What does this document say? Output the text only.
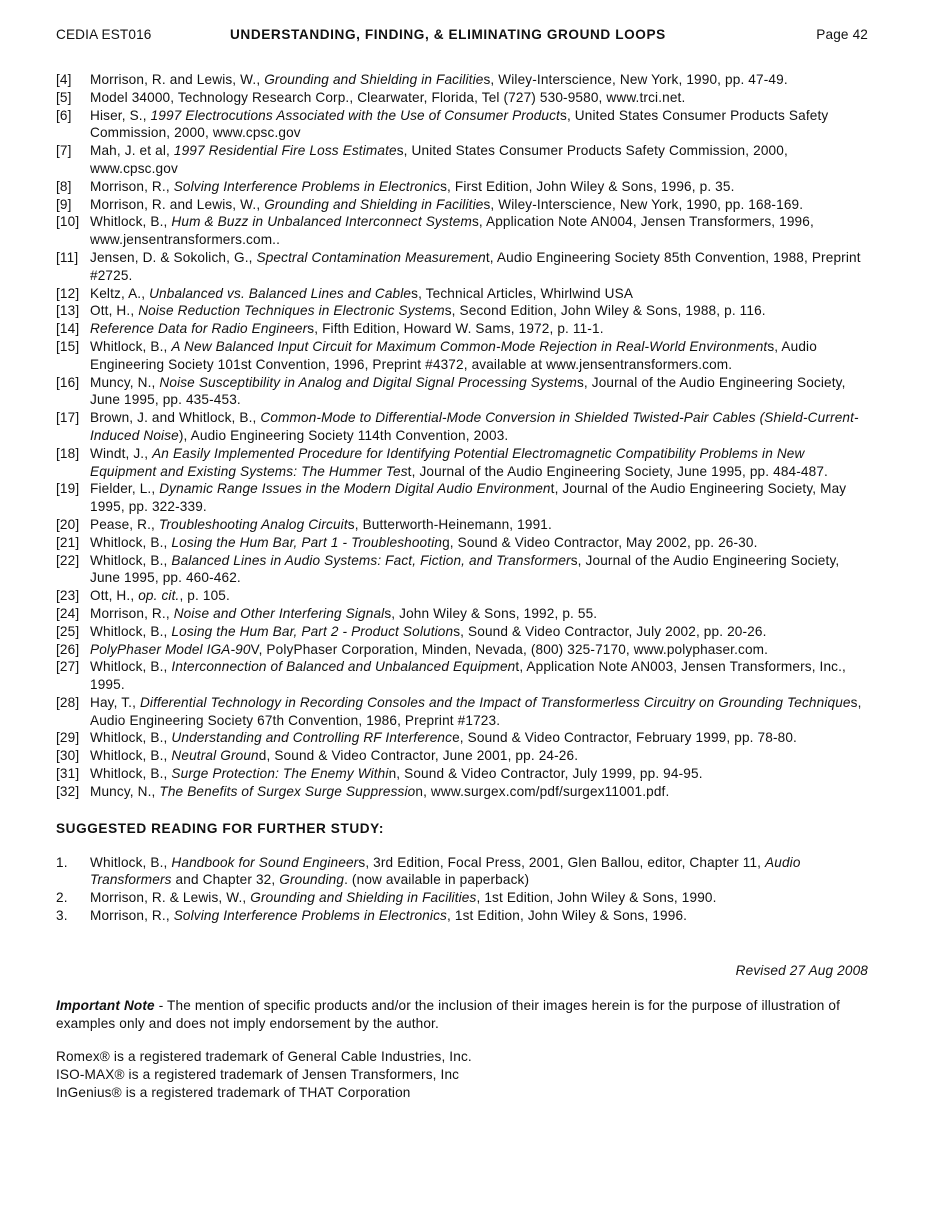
CEDIA EST016	UNDERSTANDING, FINDING, & ELIMINATING GROUND LOOPS	Page 42
[4]	Morrison, R. and Lewis, W., Grounding and Shielding in Facilities, Wiley-Interscience, New York, 1990, pp. 47-49.
[5]	Model 34000, Technology Research Corp., Clearwater, Florida, Tel (727) 530-9580, www.trci.net.
[6]	Hiser, S., 1997 Electrocutions Associated with the Use of Consumer Products, United States Consumer Products Safety Commission, 2000, www.cpsc.gov
[7]	Mah, J. et al, 1997 Residential Fire Loss Estimates, United States Consumer Products Safety Commission, 2000, www.cpsc.gov
[8]	Morrison, R., Solving Interference Problems in Electronics, First Edition, John Wiley & Sons, 1996, p. 35.
[9]	Morrison, R. and Lewis, W., Grounding and Shielding in Facilities, Wiley-Interscience, New York, 1990, pp. 168-169.
[10] Whitlock, B., Hum & Buzz in Unbalanced Interconnect Systems, Application Note AN004, Jensen Transformers, 1996, www.jensentransformers.com..
[11] Jensen, D. & Sokolich, G., Spectral Contamination Measurement, Audio Engineering Society 85th Convention, 1988, Preprint #2725.
[12] Keltz, A., Unbalanced vs. Balanced Lines and Cables, Technical Articles, Whirlwind USA
[13] Ott, H., Noise Reduction Techniques in Electronic Systems, Second Edition, John Wiley & Sons, 1988, p. 116.
[14] Reference Data for Radio Engineers, Fifth Edition, Howard W. Sams, 1972, p. 11-1.
[15] Whitlock, B., A New Balanced Input Circuit for Maximum Common-Mode Rejection in Real-World Environments, Audio Engineering Society 101st Convention, 1996, Preprint #4372, available at www.jensentransformers.com.
[16] Muncy, N., Noise Susceptibility in Analog and Digital Signal Processing Systems, Journal of the Audio Engineering Society, June 1995, pp. 435-453.
[17] Brown, J. and Whitlock, B., Common-Mode to Differential-Mode Conversion in Shielded Twisted-Pair Cables (Shield-Current-Induced Noise), Audio Engineering Society 114th Convention, 2003.
[18] Windt, J., An Easily Implemented Procedure for Identifying Potential Electromagnetic Compatibility Problems in New Equipment and Existing Systems: The Hummer Test, Journal of the Audio Engineering Society, June 1995, pp. 484-487.
[19] Fielder, L., Dynamic Range Issues in the Modern Digital Audio Environment, Journal of the Audio Engineering Society, May 1995, pp. 322-339.
[20] Pease, R., Troubleshooting Analog Circuits, Butterworth-Heinemann, 1991.
[21] Whitlock, B., Losing the Hum Bar, Part 1 - Troubleshooting, Sound & Video Contractor, May 2002, pp. 26-30.
[22] Whitlock, B., Balanced Lines in Audio Systems: Fact, Fiction, and Transformers, Journal of the Audio Engineering Society, June 1995, pp. 460-462.
[23] Ott, H., op. cit., p. 105.
[24] Morrison, R., Noise and Other Interfering Signals, John Wiley & Sons, 1992, p. 55.
[25] Whitlock, B., Losing the Hum Bar, Part 2 - Product Solutions, Sound & Video Contractor, July 2002, pp. 20-26.
[26] PolyPhaser Model IGA-90V, PolyPhaser Corporation, Minden, Nevada, (800) 325-7170, www.polyphaser.com.
[27] Whitlock, B., Interconnection of Balanced and Unbalanced Equipment, Application Note AN003, Jensen Transformers, Inc., 1995.
[28] Hay, T., Differential Technology in Recording Consoles and the Impact of Transformerless Circuitry on Grounding Techniques, Audio Engineering Society 67th Convention, 1986, Preprint #1723.
[29] Whitlock, B., Understanding and Controlling RF Interference, Sound & Video Contractor, February 1999, pp. 78-80.
[30] Whitlock, B., Neutral Ground, Sound & Video Contractor, June 2001, pp. 24-26.
[31] Whitlock, B., Surge Protection: The Enemy Within, Sound & Video Contractor, July 1999, pp. 94-95.
[32] Muncy, N., The Benefits of Surgex Surge Suppression, www.surgex.com/pdf/surgex11001.pdf.
SUGGESTED READING FOR FURTHER STUDY:
1.	Whitlock, B., Handbook for Sound Engineers, 3rd Edition, Focal Press, 2001, Glen Ballou, editor, Chapter 11, Audio Transformers and Chapter 32, Grounding. (now available in paperback)
2.	Morrison, R. & Lewis, W., Grounding and Shielding in Facilities, 1st Edition, John Wiley & Sons, 1990.
3.	Morrison, R., Solving Interference Problems in Electronics, 1st Edition, John Wiley & Sons, 1996.
Revised 27 Aug 2008
Important Note - The mention of specific products and/or the inclusion of their images herein is for the purpose of illustration of examples only and does not imply endorsement by the author.
Romex® is a registered trademark of General Cable Industries, Inc.
ISO-MAX® is a registered trademark of Jensen Transformers, Inc
InGenius® is a registered trademark of THAT Corporation
